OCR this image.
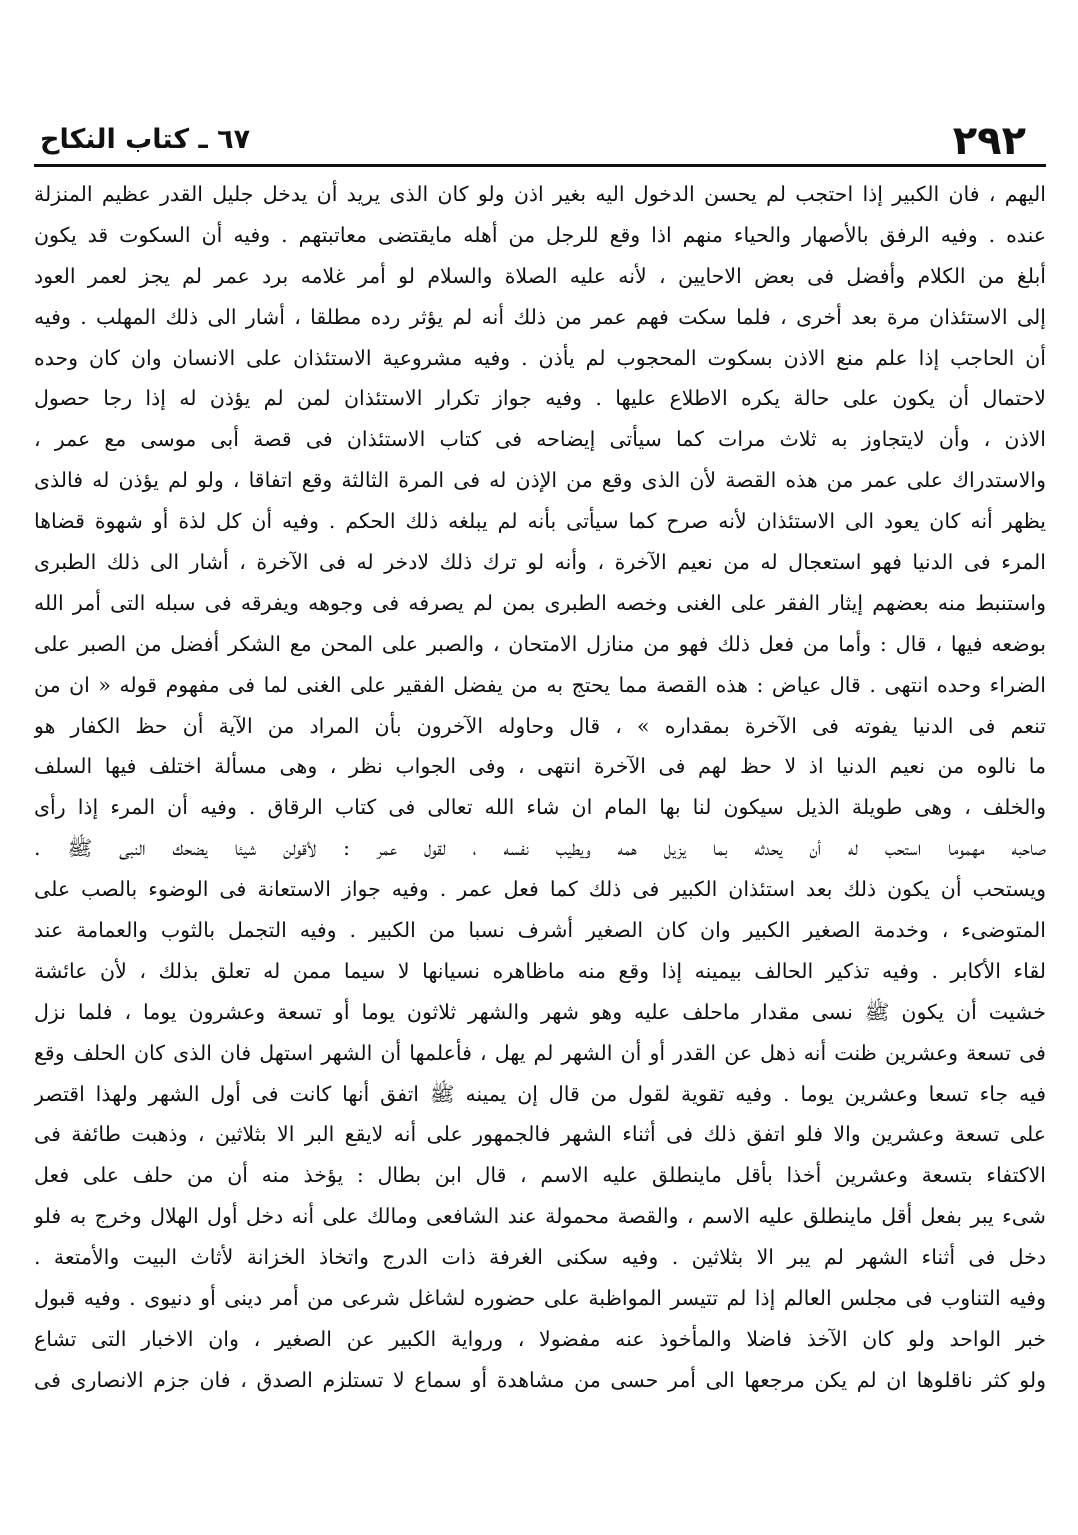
٢٩٢
٦٧ ـ كتاب النكاح
اليهم ، فان الكبير إذا احتجب لم يحسن الدخول اليه بغير اذن ولو كان الذى يريد أن يدخل جليل القدر عظيم المنزلة
عنده . وفيه الرفق بالأصهار والحياء منهم اذا وقع للرجل من أهله مايقتضى معاتبتهم . وفيه أن السكوت قد يكون
أبلغ من الكلام وأفضل فى بعض الاحايين ، لأنه عليه الصلاة والسلام لو أمر غلامه برد عمر لم يجز لعمر العود
إلى الاستئذان مرة بعد أخرى ، فلما سكت فهم عمر من ذلك أنه لم يؤثر رده مطلقا ، أشار الى ذلك المهلب . وفيه
أن الحاجب إذا علم منع الاذن بسكوت المحجوب لم يأذن . وفيه مشروعية الاستئذان على الانسان وان كان وحده
لاحتمال أن يكون على حالة يكره الاطلاع عليها . وفيه جواز تكرار الاستئذان لمن لم يؤذن له إذا رجا حصول
الاذن ، وأن لايتجاوز به ثلاث مرات كما سيأتى إيضاحه فى كتاب الاستئذان فى قصة أبى موسى مع عمر ،
والاستدراك على عمر من هذه القصة لأن الذى وقع من الإذن له فى المرة الثالثة وقع اتفاقا ، ولو لم يؤذن له فالذى
يظهر أنه كان يعود الى الاستئذان لأنه صرح كما سيأتى بأنه لم يبلغه ذلك الحكم . وفيه أن كل لذة أو شهوة قضاها
المرء فى الدنيا فهو استعجال له من نعيم الآخرة ، وأنه لو ترك ذلك لادخر له فى الآخرة ، أشار الى ذلك الطبرى
واستنبط منه بعضهم إيثار الفقر على الغنى وخصه الطبرى بمن لم يصرفه فى وجوهه ويفرقه فى سبله التى أمر الله
بوضعه فيها ، قال : وأما من فعل ذلك فهو من منازل الامتحان ، والصبر على المحن مع الشكر أفضل من الصبر على
الضراء وحده انتهى . قال عياض : هذه القصة مما يحتج به من يفضل الفقير على الغنى لما فى مفهوم قوله « ان من
تنعم فى الدنيا يفوته فى الآخرة بمقداره » ، قال وحاوله الآخرون بأن المراد من الآية أن حظ الكفار هو
ما نالوه من نعيم الدنيا اذ لا حظ لهم فى الآخرة انتهى ، وفى الجواب نظر ، وهى مسألة اختلف فيها السلف
والخلف ، وهى طويلة الذيل سيكون لنا بها المام ان شاء الله تعالى فى كتاب الرقاق . وفيه أن المرء إذا رأى
صاحبه مهموما استحب له أن يحدثه بما يزيل همه ويطيب نفسه ، لقول عمر : لأقولن شيئا يضحك النبى ﷺ .
ويستحب أن يكون ذلك بعد استئذان الكبير فى ذلك كما فعل عمر . وفيه جواز الاستعانة فى الوضوء بالصب على
المتوضىء ، وخدمة الصغير الكبير وان كان الصغير أشرف نسبا من الكبير . وفيه التجمل بالثوب والعمامة عند
لقاء الأكابر . وفيه تذكير الحالف بيمينه إذا وقع منه ماظاهره نسيانها لا سيما ممن له تعلق بذلك ، لأن عائشة
خشيت أن يكون ﷺ نسى مقدار ماحلف عليه وهو شهر والشهر ثلاثون يوما أو تسعة وعشرون يوما ، فلما نزل
فى تسعة وعشرين ظنت أنه ذهل عن القدر أو أن الشهر لم يهل ، فأعلمها أن الشهر استهل فان الذى كان الحلف وقع
فيه جاء تسعا وعشرين يوما . وفيه تقوية لقول من قال إن يمينه ﷺ اتفق أنها كانت فى أول الشهر ولهذا اقتصر
على تسعة وعشرين والا فلو اتفق ذلك فى أثناء الشهر فالجمهور على أنه لايقع البر الا بثلاثين ، وذهبت طائفة فى
الاكتفاء بتسعة وعشرين أخذا بأقل ماينطلق عليه الاسم ، قال ابن بطال : يؤخذ منه أن من حلف على فعل
شىء يبر بفعل أقل ماينطلق عليه الاسم ، والقصة محمولة عند الشافعى ومالك على أنه دخل أول الهلال وخرج به فلو
دخل فى أثناء الشهر لم يبر الا بثلاثين . وفيه سكنى الغرفة ذات الدرج واتخاذ الخزانة لأثاث البيت والأمتعة .
وفيه التناوب فى مجلس العالم إذا لم تتيسر المواظبة على حضوره لشاغل شرعى من أمر دينى أو دنيوى . وفيه قبول
خبر الواحد ولو كان الآخذ فاضلا والمأخوذ عنه مفضولا ، ورواية الكبير عن الصغير ، وان الاخبار التى تشاع
ولو كثر ناقلوها ان لم يكن مرجعها الى أمر حسى من مشاهدة أو سماع لا تستلزم الصدق ، فان جزم الانصارى فى
